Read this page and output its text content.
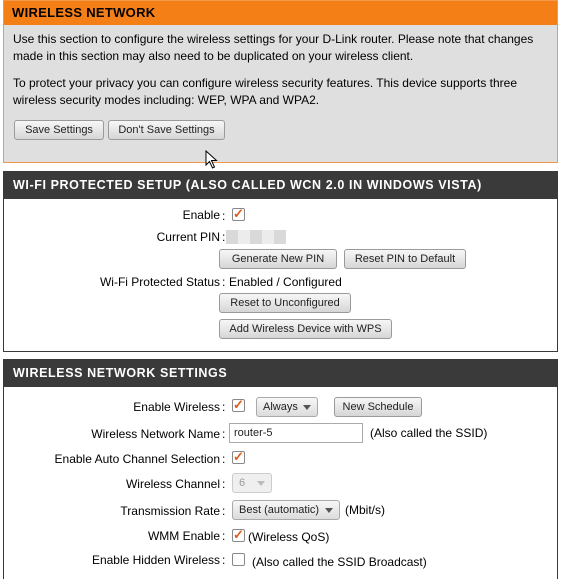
WIRELESS NETWORK

Use this section to configure the wireless settings for your D-Link router. Please note that changes made in this section may also need to be duplicated on your wireless client.

To protect your privacy you can configure wireless security features. This device supports three wireless security modes including: WEP, WPA and WPA2.

Save Settings	Don't Save Settings
WI-FI PROTECTED SETUP (ALSO CALLED WCN 2.0 IN WINDOWS VISTA)
Enable :
✓
Current PIN :
Generate New PIN	Reset PIN to Default
Wi-Fi Protected Status : Enabled / Configured
Reset to Unconfigured
Add Wireless Device with WPS
WIRELESS NETWORK SETTINGS
Enable Wireless : ✓	Always	New Schedule
Wireless Network Name :
router-5	(Also called the SSID)
Enable Auto Channel Selection :
✓
Wireless Channel :	6
Transmission Rate :	Best (automatic)	(Mbit/s)
WMM Enable : ✓ (Wireless QoS)
Enable Hidden Wireless : (Also called the SSID Broadcast)
